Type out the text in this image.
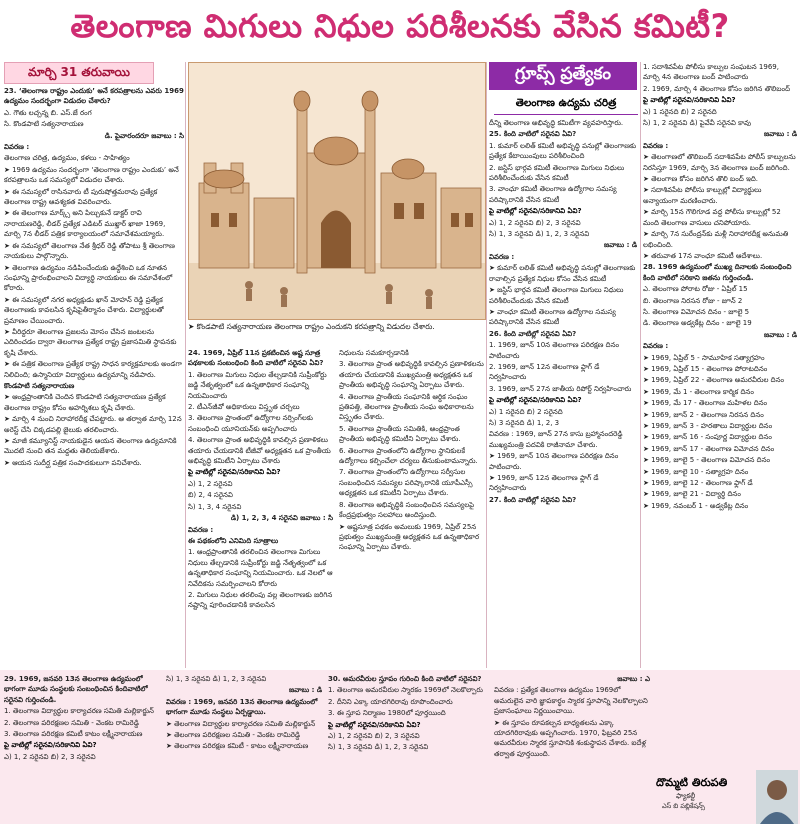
తెలంగాణ మిగులు నిధుల పరిశీలనకు వేసిన కమిటీ?
మార్చి 31 తరువాయి

23. ‘తెలంగాణ రాష్ట్రం ఎందుకు’ అనే కరపత్రాలను ఎవరు 1969 ఉద్యమం సందర్భంగా విడుదల చేశారు?

ఎ. గౌతు లచ్చన్న బి. ఎస్.జే రంగ

సి. కొండపాటి సత్యనారాయణ

డి. పైవారందరూ జవాబు : సి

వివరణ :

తెలంగాణ చరిత్ర, ఉద్యమం, కళలు - సాహిత్యం

➤ 1969 ఉద్యమం సందర్భంగా ‘తెలంగాణ రాష్ట్రం ఎందుకు’ అనే కరపత్రాలను ఒక సమస్యలో విడుదల చేశారు.

➤ ఈ సమస్యలో రాసినవారు టీ పురుషోత్తమరావు ప్రత్యేక తెలంగాణ రాష్ట్ర ఆవశ్యకత వివరించారు.

➤ ఈ తెలంగాణ మార్క్స్ అని పిల్చుకునే డాక్టర్ రావి నారాయణరెడ్డి, లీడర్ ప్రత్యేక ఎడిటర్ ముఖ్తార్ ఖాజా 1969, మార్చి 7న లీడర్ పత్రిక కార్యాలయంలో సమావేశమయ్యారు.

➤ ఈ సమస్యలో తెలంగాణ నేత శ్రీధర్ రెడ్డి తోపాటు శ్రీ తెలంగాణ నాయకులు పాల్గొన్నారు.

➤ తెలంగాణ ఉద్యమం నడిపించేందుకు ఉద్దేశించి ఒక నూతన సంఘాన్ని ప్రారంభించాలని విద్యార్థి నాయకులు ఈ సమావేశంలో కోరారు.

➤ ఈ సమస్యలో నగర అధ్యక్షుడు ఖాన్ మోహన్ రెడ్డి ప్రత్యేక తెలంగాణకు కావలసిన కృషిపైతీర్మానం చేశారు. విద్యార్థులతో ప్రమాణం చేయించారు.

➤ వీరిద్దరూ తెలంగాణ ప్రజలను మోసం చేసిన జంటలను ఎదిరించడం ద్వారా తెలంగాణ ప్రత్యేక రాష్ట్ర ప్రజాసమితి స్థాపనకు కృషి చేశారు.

➤ ఈ పత్రిక తెలంగాణ ప్రత్యేక రాష్ట్ర సాధన కార్యక్రమాలకు అండగా నిలిచింది; ఉస్మానియా విద్యార్థులు ఉద్యమాన్ని నడిపారు.

కొండపాటి సత్యనారాయణ

➤ ఆంధ్రప్రాంతానికి చెందిన కొండపాటి సత్యనారాయణ ప్రత్యేక తెలంగాణ రాష్ట్రం కోసం అహర్నిశలు కృషి చేశారు.

➤ మార్చి 4 నుంచి నిరాహారదీక్ష చేపట్టారు. ఆ తర్వాత మార్చి 12న అరెస్ట్ చేసి చిక్కడపల్లి జైలుకు తరలించారు.

➤ మాజీ కమ్యూనిస్ట్ నాయకుడైన ఆయన తెలంగాణ ఉద్యమానికి మొదటి నుంచి తన మద్దతు తెలియజేశారు.

➤ ఆయన సుదీర్ఘ పత్రిక సంపాదకులుగా పనిచేశారు.

➤ కొండపాటి సత్యనారాయణ తెలంగాణ రాష్ట్రం ఎందుకని కరపత్రాన్ని విడుదల చేశారు.

24. 1969, ఏప్రిల్ 11న ప్రకటించిన అష్ట సూత్ర పథకాలకు సంబంధించి కింది వాటిలో సరైనవి ఏవి?

1. తెలంగాణ మిగులు నిధుల తేల్చడానికి సుప్రీంకోర్టు జడ్జి నేతృత్వంలో ఒక ఉన్నతాధికార సంఘాన్ని నియమించారు

2. టీఎన్‌జీవో అధికారులు విస్తృత చర్చలు

3. తెలంగాణ ప్రాంతంలో ఉద్యోగాల నర్సింగ్‌లకు సంబంధించి యూనియన్‌కు అప్పగించారు

4. తెలంగాణ ప్రాంత అభివృద్ధికి కావల్సిన ప్రణాళికలు తయారు చేయడానికి టీజీవో అధ్యక్షతన ఒక ప్రాంతీయ అభివృద్ధి కమిటీని ఏర్పాటు చేశారు

పై వాటిల్లో సరైనవి/సరికానివి ఏవి?

ఎ) 1, 2 సరైనవి

బి) 2, 4 సరైనవి

సి) 1, 3, 4 సరైనవి

డి) 1, 2, 3, 4 సరైనవి జవాబు : సి

వివరణ :

ఈ పథకంలోని ఎనిమిది సూత్రాలు

1. ఆంధ్రప్రాంతానికి తరలించిన తెలంగాణ మిగులు నిధులు తేల్చడానికి సుప్రీంకోర్టు జడ్జి నేతృత్వంలో ఒక ఉన్నతాధికార సంఘాన్ని నియమించారు. ఒక నెలలో ఆ నివేదికను సమర్పించాలని కోరారు

2. మిగులు నిధుల తరలింపు వల్ల తెలంగాణకు జరిగిన నష్టాన్ని పూరించడానికి కావలసిన

నిధులను సమకూర్చడానికి

3. తెలంగాణ ప్రాంత అభివృద్ధికి కావల్సిన ప్రణాళికలను తయారు చేయడానికి ముఖ్యమంత్రి అధ్యక్షతన ఒక ప్రాంతీయ అభివృద్ధి సంఘాన్ని ఏర్పాటు చేశారు.

4. తెలంగాణ ప్రాంతీయ సంఘానికి ఆర్థిక సంఘం ప్రతిపత్తి, తెలంగాణ ప్రాంతీయ సంఘ అధికారాలను విస్తృతం చేశారు.

5. తెలంగాణ ప్రాంతీయ సమితికి, ఆంధ్రప్రాంత ప్రాంతీయ అభివృద్ధి కమిటీని ఏర్పాటు చేశారు.

6. తెలంగాణ ప్రాంతంలోని ఉద్యోగాల స్థానికులకే ఉద్యోగాలు కల్పించేలా చర్యలు తీసుకుంటామన్నారు.

7. తెలంగాణ ప్రాంతంలోని ఉద్యోగాలు సర్వీసుల సంబంధించిన సమస్యల పరిష్కారానికి యూపీఎస్సీ అధ్యక్షతన ఒక కమిటీని ఏర్పాటు చేశారు.

8. తెలంగాణ అభివృద్ధికి సంబంధించిన సమస్యలపై కేంద్రప్రభుత్వం సలహాలు అందిస్తుంది.

➤ ఆష్టసూత్ర పథకం అమలుకు 1969, ఏప్రిల్ 25న ప్రభుత్వం ముఖ్యమంత్రి అధ్యక్షతన ఒక ఉన్నతాధికార సంఘాన్ని ఏర్పాటు చేశారు.

గ్రూప్స్ ప్రత్యేకం
తెలంగాణ ఉద్యమ చరిత్ర

దీన్ని తెలంగాణ అభివృద్ధి కమిటీగా వ్యవహరిస్తారు.

25. కింది వాటిలో సరైనవి ఏవి?

1. కుమార్ లలిత్ కమిటీ అభివృద్ధి పనుల్లో తెలంగాణకు ప్రత్యేక కేటాయింపులు పరిశీలించింది

2. జస్టిస్ భార్గవ కమిటీ తెలంగాణ మిగులు నిధులు పరిశీలించేందుకు వేసిన కమిటీ

3. వాంఛూ కమిటీ తెలంగాణ ఉద్యోగాల సమస్య పరిష్కారానికి వేసిన కమిటీ

పై వాటిల్లో సరైనవి/సరికానివి ఏవి?

ఎ) 1, 2 సరైనవి బి) 2, 3 సరైనవి

సి) 1, 3 సరైనవి డి) 1, 2, 3 సరైనవి

జవాబు : డి

వివరణ :

➤ కుమార్ లలిత్ కమిటీ అభివృద్ధి పనుల్లో తెలంగాణకు రావాల్సిన ప్రత్యేక నిధుల కోసం వేసిన కమిటీ

➤ జస్టిస్ భార్గవ కమిటీ తెలంగాణ మిగులు నిధులు పరిశీలించేందుకు వేసిన కమిటీ

➤ వాంఛూ కమిటీ తెలంగాణ ఉద్యోగాల సమస్య పరిష్కారానికి వేసిన కమిటీ

26. కింది వాటిల్లో సరైనవి ఏవి?

1. 1969, జూన్ 10న తెలంగాణ పరిరక్షణ దినం పాటించారు

2. 1969, జూన్ 12న తెలంగాణ ఫ్లాగ్ డే నిర్వహించారు

3. 1969, జూన్ 27న జాతీయ రిపోర్ట్ నిర్వహించారు

పై వాటిల్లో సరైనవి/సరికానివి ఏవి?

ఎ) 1 సరైనది బి) 2 సరైనది

సి) 3 సరైనది డి) 1, 2, 3

వివరణ : 1969, జూన్ 27న కాసు బ్రహ్మానందరెడ్డి ముఖ్యమంత్రి పదవికి రాజీనామా చేశారు.

➤ 1969, జూన్ 10న తెలంగాణ పరిరక్షణ దినం పాటించారు.

➤ 1969, జూన్ 12న తెలంగాణ ఫ్లాగ్ డే నిర్వహించారు

27. కింది వాటిల్లో సరైనవి ఏవి?

1. సదాశివపేట పోలీసు కాల్పుల సంఘటన 1969, మార్చి 4న తెలంగాణ బంద్ పాటించారు

2. 1969, మార్చి 4 తెలంగాణ కోసం జరిగిన తొలిబంద్

పై వాటిల్లో సరైనవి/సరికానివి ఏవి?

ఎ) 1 సరైనది బి) 2 సరైనది

సి) 1, 2 సరైనవి డి) పైవేవీ సరైనవి కావు

జవాబు : డి

వివరణ :

➤ తెలంగాణలో తొలిబంద్ సదాశివపేట పోలీస్ కాల్పులను నిరసిస్తూ 1969, మార్చి 3న తెలంగాణ బంద్ జరిగింది.

➤ తెలంగాణ కోసం జరిగిన తొలి బంద్ ఇది.

➤ సదాశివపేట పోలీసు కాల్పుల్లో విద్యార్థులు అన్యాయంగా మరణించారు.

➤ మార్చి 15న గౌలిగూడ వద్ద పోలీసు కాల్పుల్లో 52 మంది తెలంగాణ వాసులు చనిపోయారు.

➤ మార్చి 7న సురేంద్రన్‌కు మళ్లీ నిరాహారదీక్ష అనుమతి లభించింది.

➤ తరువాత 17న వాంఛూ కమిటీ ఆదేశాలు.

28. 1969 ఉద్యమంలో ముఖ్య దినాలకు సంబంధించి కింది వాటిలో సరికాని జతను గుర్తించండి.

ఎ. తెలంగాణ పోరాట రోజు - ఏప్రిల్ 15

బి. తెలంగాణ నిరసన రోజు - జూన్ 2

సి. తెలంగాణ విమోచన దినం - జూలై 5

డి. తెలంగాణ అడ్వకేట్ల దినం - జూలై 19

జవాబు : డి

వివరణ :

➤ 1969, ఏప్రిల్ 5 - సామూహిక సత్యాగ్రహం

➤ 1969, ఏప్రిల్ 15 - తెలంగాణ పోరాటదినం

➤ 1969, ఏప్రిల్ 22 - తెలంగాణ అమరవీరుల దినం

➤ 1969, మే 1 - తెలంగాణ కార్మిక దినం

➤ 1969, మే 17 - తెలంగాణ మహిళల దినం

➤ 1969, జూన్ 2 - తెలంగాణ నిరసన దినం

➤ 1969, జూన్ 3 - హరతాలు విద్యార్థుల దినం

➤ 1969, జూన్ 16 - సంపూర్ణ విద్యార్థుల దినం

➤ 1969, జూన్ 17 - తెలంగాణ విమోచన దినం

➤ 1969, జూలై 5 - తెలంగాణ విమోచన దినం

➤ 1969, జూలై 10 - సత్యాగ్రహ దినం

➤ 1969, జూలై 12 - తెలంగాణ ఫ్లాగ్ డే

➤ 1969, జూలై 21 - విద్యార్థి దినం

➤ 1969, నవంబర్ 1 - అడ్వకేట్ల దినం

29. 1969, జనవరి 13న తెలంగాణ ఉద్యమంలో భాగంగా మూడు సంస్థలకు సంబంధించిన కిందివాటిలో సరైనవి గుర్తించండి.

1. తెలంగాణ విద్యార్థుల కార్యాచరణ సమితి మల్లికార్జున్

2. తెలంగాణ పరిరక్షణల సమితి - వెంకట రామిరెడ్డి

3. తెలంగాణ పరిరక్షణ కమిటీ కాటం లక్ష్మీనారాయణ

పై వాటిల్లో సరైనవి/సరికానివి ఏవి?

ఎ) 1, 2 సరైనవి బి) 2, 3 సరైనవి

సి) 1, 3 సరైనవి డి) 1, 2, 3 సరైనవి

జవాబు : డి

వివరణ : 1969, జనవరి 13న తెలంగాణ ఉద్యమంలో భాగంగా మూడు సంస్థలు ఏర్పడ్డాయి.

➤ తెలంగాణ విద్యార్థుల కార్యాచరణ సమితి మల్లికార్జున్

➤ తెలంగాణ పరిరక్షణల సమితి - వెంకట రామిరెడ్డి

➤ తెలంగాణ పరిరక్షణ కమిటీ - కాటం లక్ష్మీనారాయణ

30. అమరవీరుల స్తూపం గురించి కింది వాటిలో సరైనవి?

1. తెలంగాణ అమరవీరుల స్మారకం 1969లో నెలకొల్పారు

2. దీనిని ఎక్కా యాదగిరిరావు రూపొందించారు

3. ఈ స్తూప నిర్మాణం 1980లో పూర్తయింది

పై వాటిల్లో సరైనవి/సరికానివి ఏవి?

ఎ) 1, 2 సరైనవి బి) 2, 3 సరైనవి

సి) 1, 3 సరైనవి డి) 1, 2, 3 సరైనవి

జవాబు : ఎ

వివరణ : ప్రత్యేక తెలంగాణ ఉద్యమం 1969లో అమరులైన వారి జ్ఞాపకార్థం స్మారక స్తూపాన్ని నెలకొల్పాలని ప్రజాసంఘాలు నిర్ణయించాయి.

➤ ఈ స్తూపం రూపకల్పన బాధ్యతలను ఎక్కా యాదగిరిరావుకు అప్పగించారు. 1970, ఫిబ్రవరి 25న అమరవీరుల స్మారక స్తూపానికి శంకుస్థాపన చేశారు. ఐదేళ్ల తర్వాత పూర్తయింది.

దొమ్మటి తిరుపతి
ఫ్యాకల్టీ
ఎస్ బి పబ్లికేషన్స్
